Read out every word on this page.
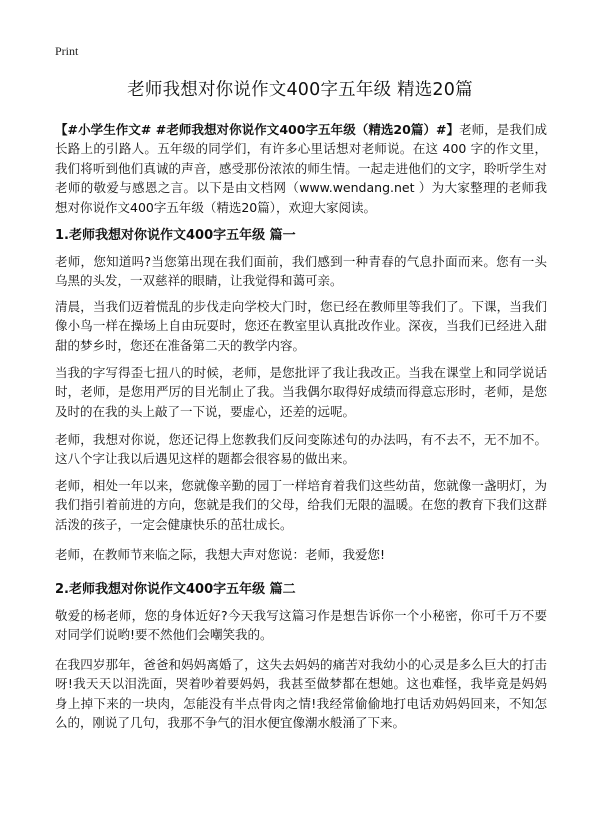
Print
老师我想对你说作文400字五年级 精选20篇

【#小学生作文# #老师我想对你说作文400字五年级（精选20篇）#】老师，是我们成长路上的引路人。五年级的同学们，有许多心里话想对老师说。在这 400 字的作文里，我们将听到他们真诚的声音，感受那份浓浓的师生情。一起走进他们的文字，聆听学生对老师的敬爱与感恩之言。以下是由文档网（www.wendang.net ）为大家整理的老师我想对你说作文400字五年级（精选20篇），欢迎大家阅读。

1.老师我想对你说作文400字五年级 篇一

老师，您知道吗?当您第出现在我们面前，我们感到一种青春的气息扑面而来。您有一头乌黑的头发，一双慈祥的眼睛，让我觉得和蔼可亲。

清晨，当我们迈着慌乱的步伐走向学校大门时，您已经在教师里等我们了。下课，当我们像小鸟一样在操场上自由玩耍时，您还在教室里认真批改作业。深夜，当我们已经进入甜甜的梦乡时，您还在准备第二天的教学内容。

当我的字写得歪七扭八的时候，老师，是您批评了我让我改正。当我在课堂上和同学说话时，老师，是您用严厉的目光制止了我。当我偶尔取得好成绩而得意忘形时，老师，是您及时的在我的头上敲了一下说，要虚心，还差的远呢。

老师，我想对你说，您还记得上您教我们反问变陈述句的办法吗，有不去不，无不加不。这八个字让我以后遇见这样的题都会很容易的做出来。

老师，相处一年以来，您就像辛勤的园丁一样培育着我们这些幼苗，您就像一盏明灯，为我们指引着前进的方向，您就是我们的父母，给我们无限的温暖。在您的教育下我们这群活泼的孩子，一定会健康快乐的茁壮成长。

老师，在教师节来临之际，我想大声对您说：老师，我爱您!

2.老师我想对你说作文400字五年级 篇二

敬爱的杨老师，您的身体近好?今天我写这篇习作是想告诉你一个小秘密，你可千万不要对同学们说哟!要不然他们会嘲笑我的。

在我四岁那年，爸爸和妈妈离婚了，这失去妈妈的痛苦对我幼小的心灵是多么巨大的打击呀!我天天以泪洗面，哭着吵着要妈妈，我甚至做梦都在想她。这也难怪，我毕竟是妈妈身上掉下来的一块肉，怎能没有半点骨肉之情!我经常偷偷地打电话劝妈妈回来，不知怎么的，刚说了几句，我那不争气的泪水便宜像潮水般涌了下来。
